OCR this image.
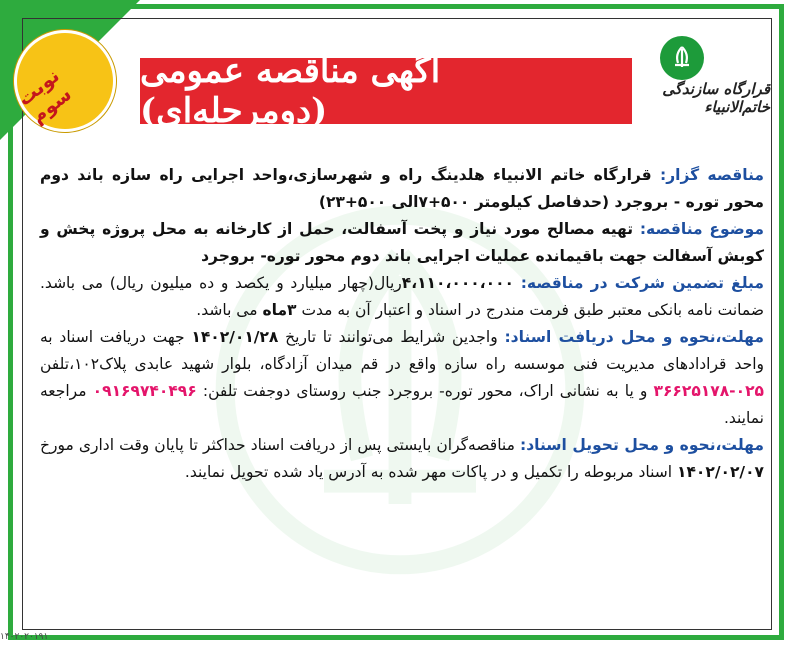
نوبت سوم
آگهی مناقصه عمومی (دومرحله‌ای)
قرارگاه سازندگی خاتم‌الانبیاء

مناقصه گزار: قرارگاه خاتم الانبیاء هلدینگ راه و شهرسازی،واحد اجرایی راه سازه باند دوم محور توره - بروجرد (حدفاصل کیلومتر ۵۰۰+۷الی ۵۰۰+۲۳)

موضوع مناقصه: تهیه مصالح مورد نیاز و پخت آسفالت، حمل از کارخانه به محل پروژه پخش و کوبش آسفالت جهت باقیمانده عملیات اجرایی باند دوم محور توره- بروجرد

مبلغ تضمین شرکت در مناقصه: ۴،۱۱۰،۰۰۰،۰۰۰ریال(چهار میلیارد و یکصد و ده میلیون ریال) می باشد. ضمانت نامه بانکی معتبر طبق فرمت مندرج در اسناد و اعتبار آن به مدت ۳ماه می باشد.

مهلت،نحوه و محل دریافت اسناد: واجدین شرایط می‌توانند تا تاریخ ۱۴۰۲/۰۱/۲۸ جهت دریافت اسناد به واحد قرادادهای مدیریت فنی موسسه راه سازه واقع در قم میدان آزادگاه، بلوار شهید عابدی پلاک۱۰۲،تلفن ۰۲۵-۳۶۶۲۵۱۷۸ و یا به نشانی اراک، محور توره- بروجرد جنب روستای دوجفت تلفن: ۰۹۱۶۹۷۴۰۴۹۶ مراجعه نمایند.

مهلت،نحوه و محل تحویل اسناد: مناقصه‌گران بایستی پس از دریافت اسناد حداکثر تا پایان وقت اداری مورخ ۱۴۰۲/۰۲/۰۷ اسناد مربوطه را تکمیل و در پاکات مهر شده به آدرس یاد شده تحویل نمایند.

۱۴۰۲۰۲۰۱۹۱
